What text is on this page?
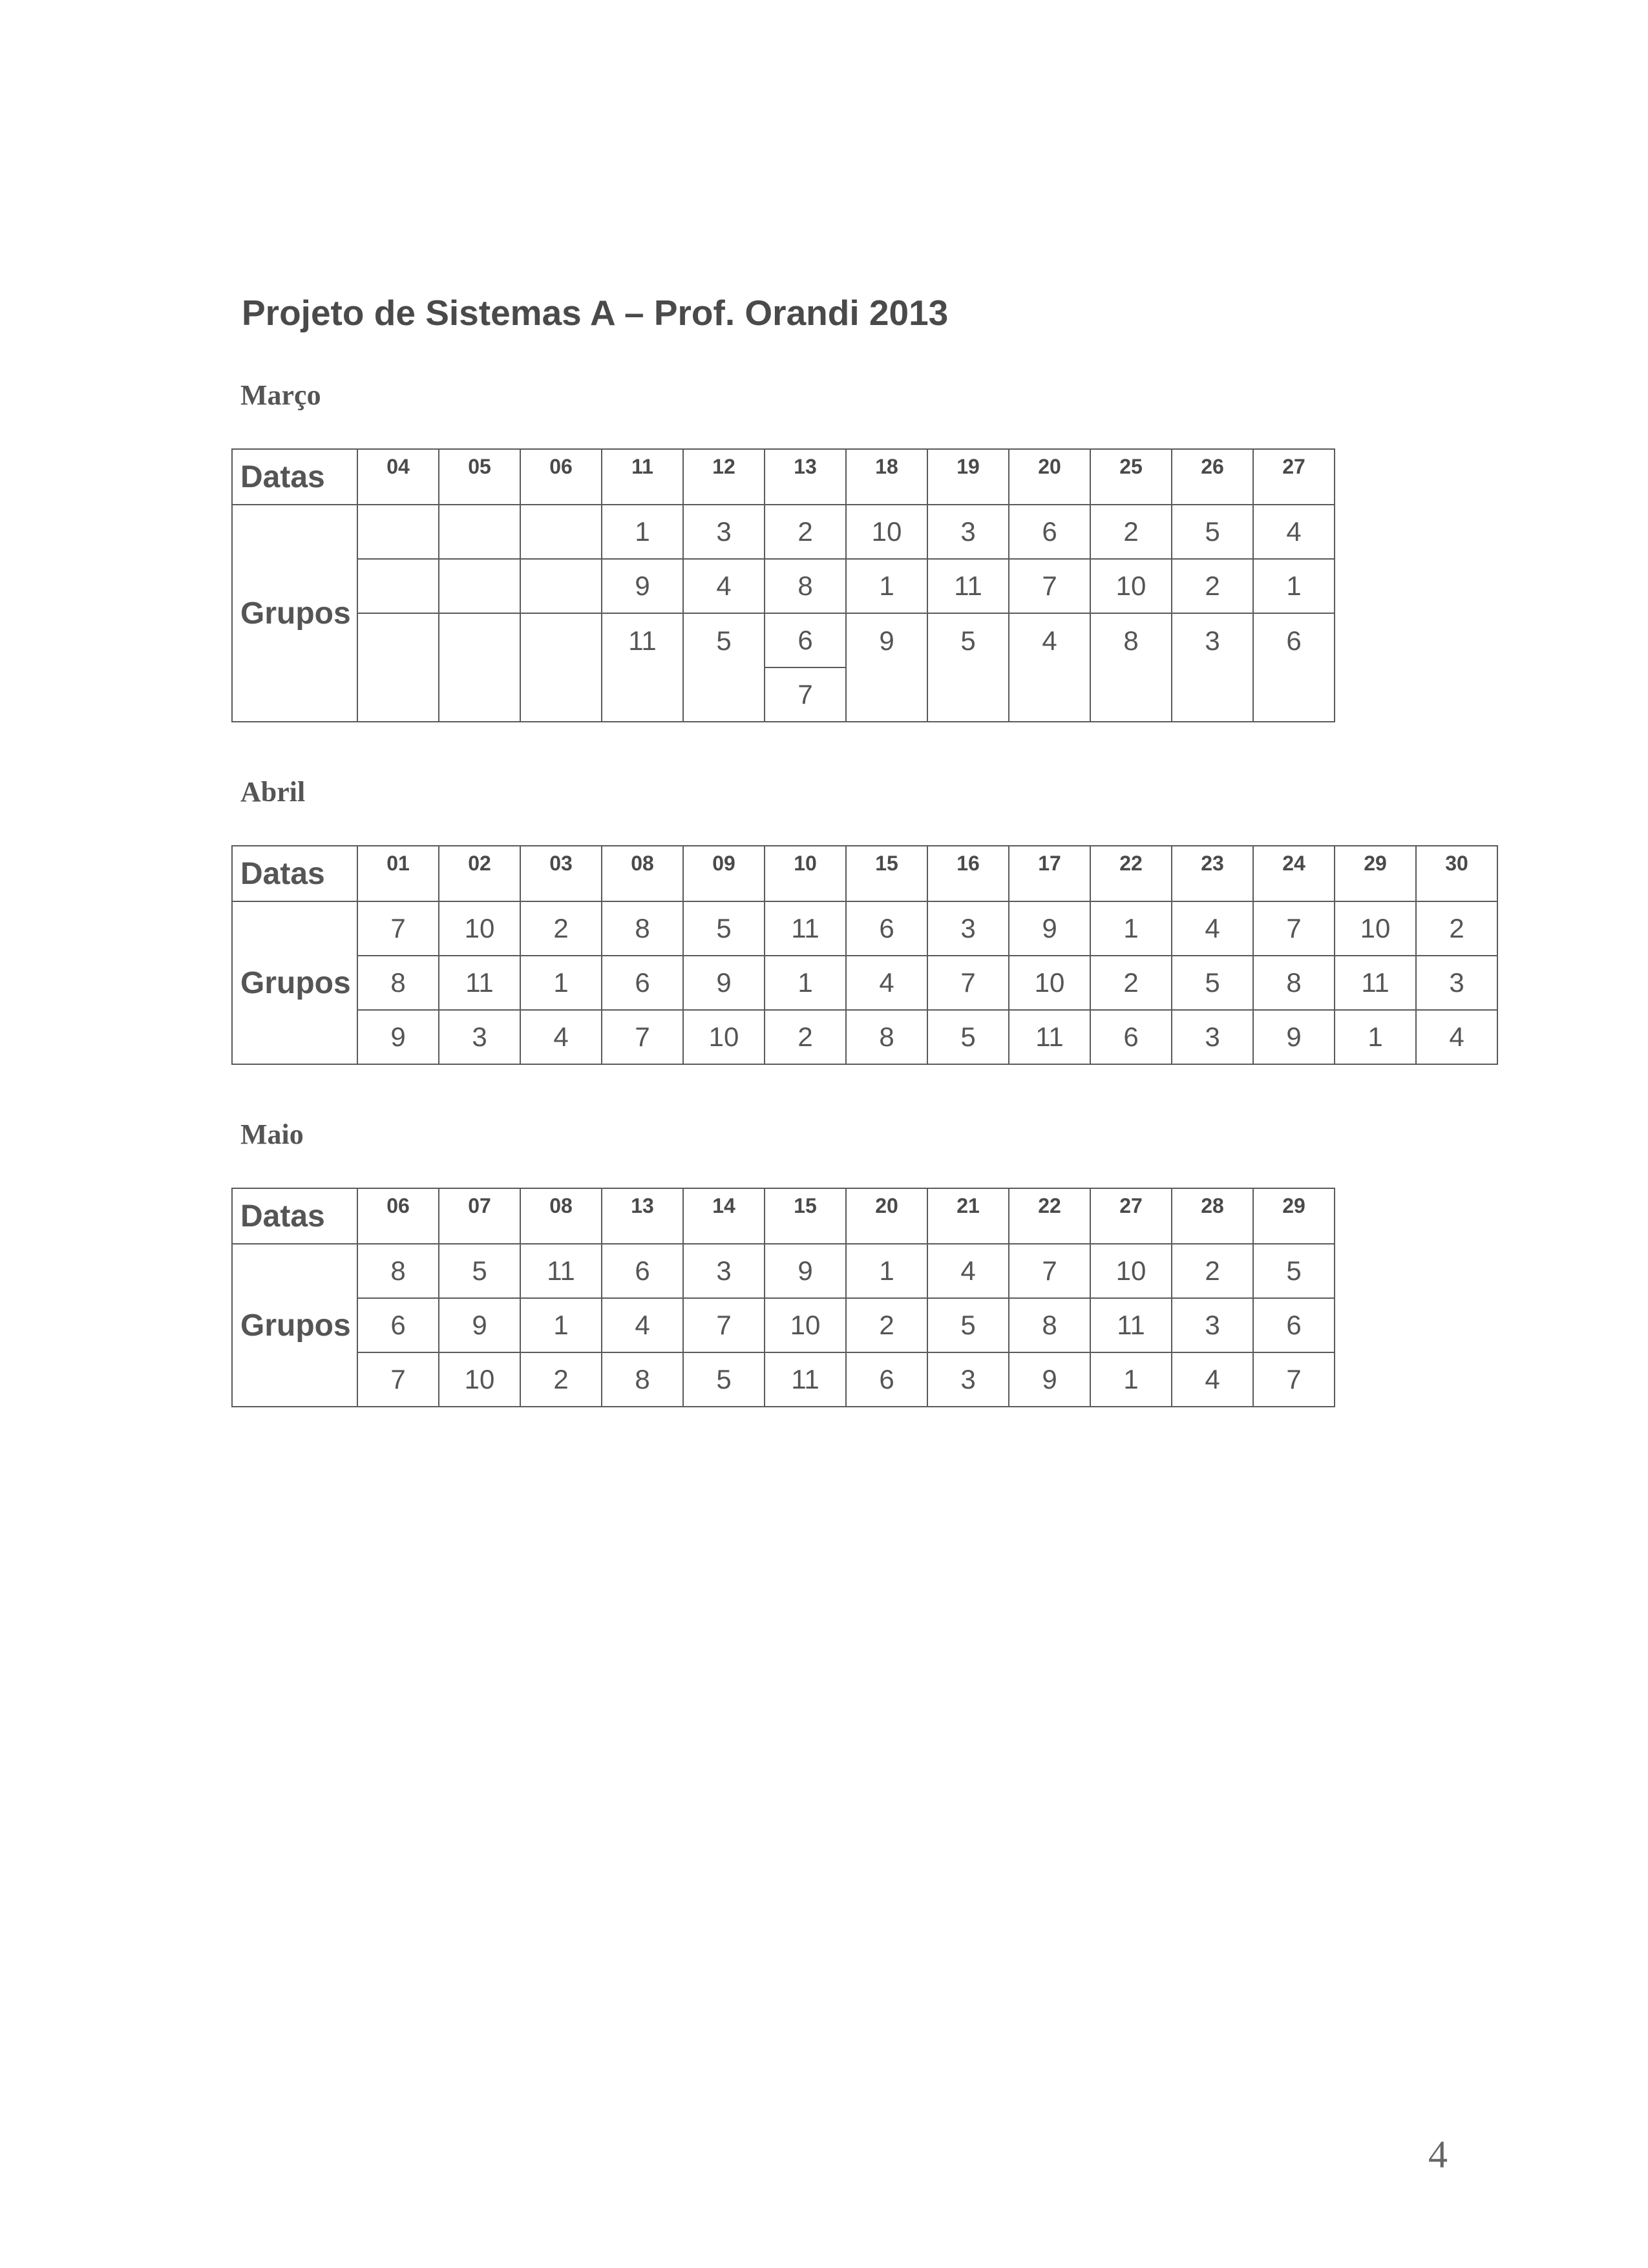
Projeto de Sistemas A – Prof. Orandi 2013
Março
Datas	04	05	06	11	12	13	18	19	20	25	26	27
Grupos				1	3	2	10	3	6	2	5	4
				9	4	8	1	11	7	10	2	1
				11	5	6	9	5	4	8	3	6
						7						
Abril
Datas	01	02	03	08	09	10	15	16	17	22	23	24	29	30
Grupos	7	10	2	8	5	11	6	3	9	1	4	7	10	2
	8	11	1	6	9	1	4	7	10	2	5	8	11	3
	9	3	4	7	10	2	8	5	11	6	3	9	1	4
Maio
Datas	06	07	08	13	14	15	20	21	22	27	28	29
Grupos	8	5	11	6	3	9	1	4	7	10	2	5
	6	9	1	4	7	10	2	5	8	11	3	6
	7	10	2	8	5	11	6	3	9	1	4	7
4
